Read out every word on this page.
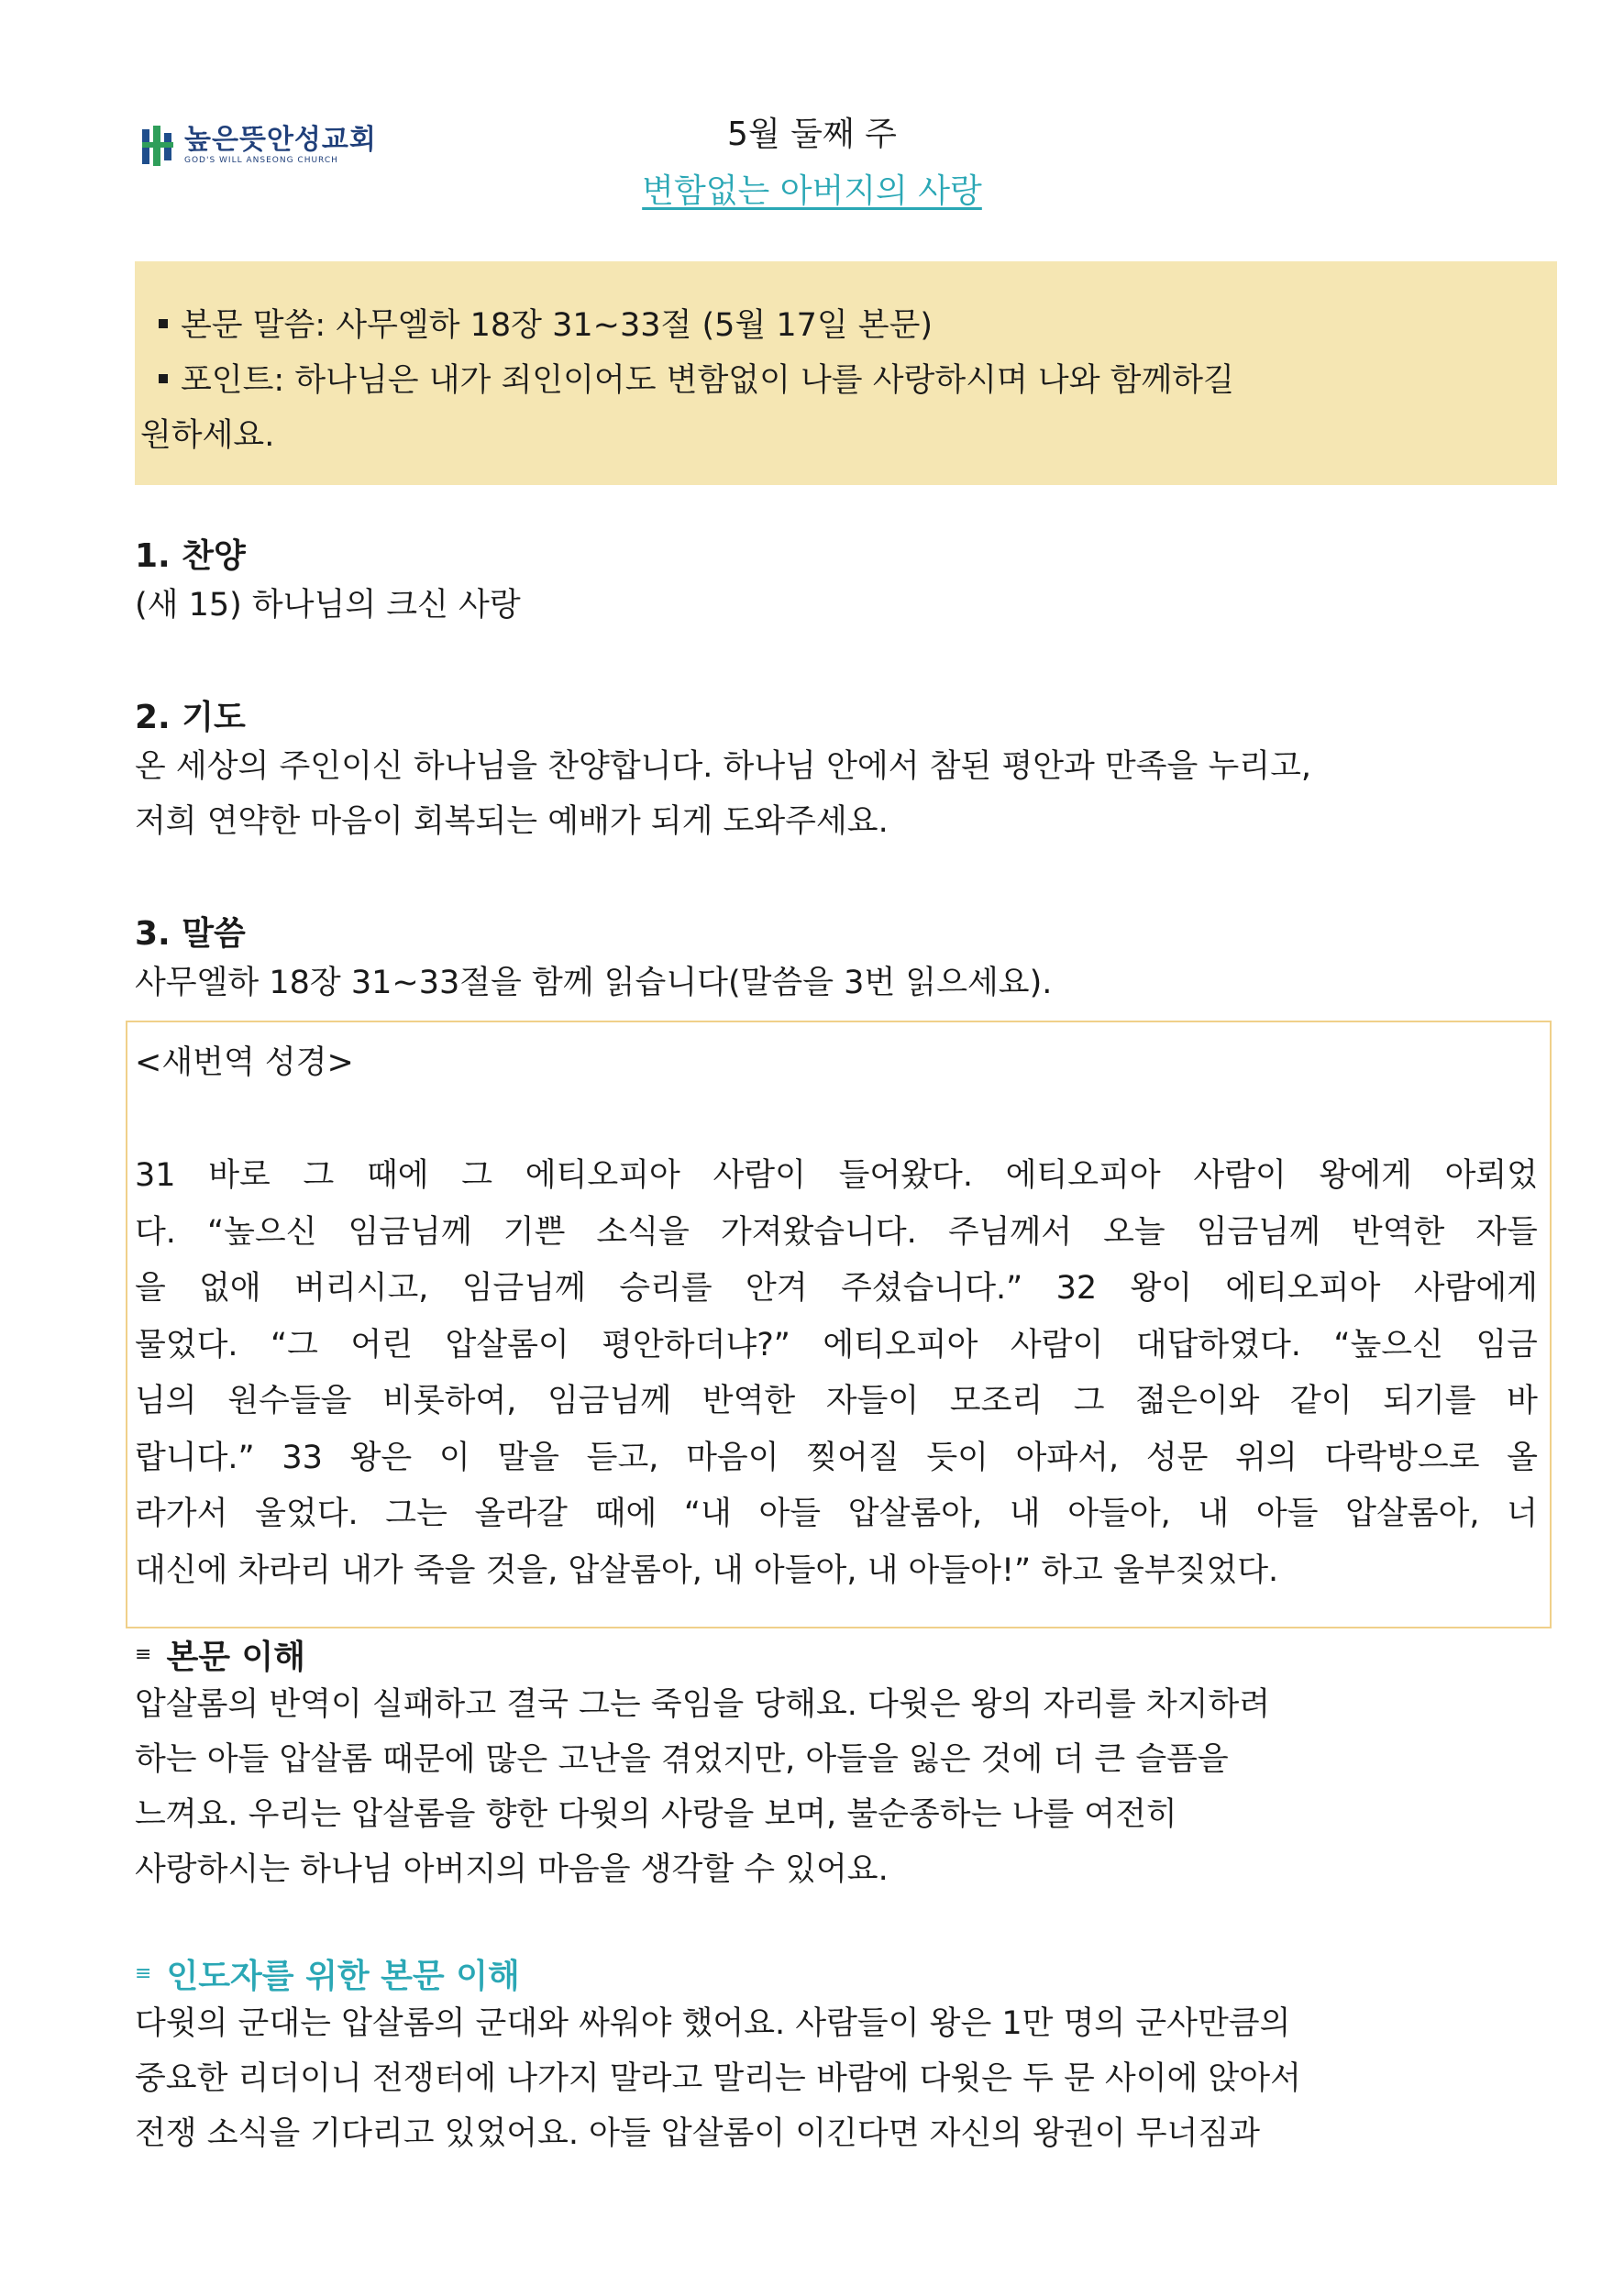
높은뜻안성교회
GOD'S WILL ANSEONG CHURCH
5월 둘째 주
변함없는 아버지의 사랑
본문 말씀: 사무엘하 18장 31~33절 (5월 17일 본문)
포인트: 하나님은 내가 죄인이어도 변함없이 나를 사랑하시며 나와 함께하길
원하세요.
1. 찬양
(새 15) 하나님의 크신 사랑
2. 기도
온 세상의 주인이신 하나님을 찬양합니다. 하나님 안에서 참된 평안과 만족을 누리고,
저희 연약한 마음이 회복되는 예배가 되게 도와주세요.
3. 말씀
사무엘하 18장 31~33절을 함께 읽습니다(말씀을 3번 읽으세요).
<새번역 성경>

31 바로 그 때에 그 에티오피아 사람이 들어왔다. 에티오피아 사람이 왕에게 아뢰었
다. “높으신 임금님께 기쁜 소식을 가져왔습니다. 주님께서 오늘 임금님께 반역한 자들
을 없애 버리시고, 임금님께 승리를 안겨 주셨습니다.” 32 왕이 에티오피아 사람에게
물었다. “그 어린 압살롬이 평안하더냐?” 에티오피아 사람이 대답하였다. “높으신 임금
님의 원수들을 비롯하여, 임금님께 반역한 자들이 모조리 그 젊은이와 같이 되기를 바
랍니다.” 33 왕은 이 말을 듣고, 마음이 찢어질 듯이 아파서, 성문 위의 다락방으로 올
라가서 울었다. 그는 올라갈 때에 “내 아들 압살롬아, 내 아들아, 내 아들 압살롬아, 너
대신에 차라리 내가 죽을 것을, 압살롬아, 내 아들아, 내 아들아!” 하고 울부짖었다.
≡ 본문 이해
압살롬의 반역이 실패하고 결국 그는 죽임을 당해요. 다윗은 왕의 자리를 차지하려
하는 아들 압살롬 때문에 많은 고난을 겪었지만, 아들을 잃은 것에 더 큰 슬픔을
느껴요. 우리는 압살롬을 향한 다윗의 사랑을 보며, 불순종하는 나를 여전히
사랑하시는 하나님 아버지의 마음을 생각할 수 있어요.
≡ 인도자를 위한 본문 이해
다윗의 군대는 압살롬의 군대와 싸워야 했어요. 사람들이 왕은 1만 명의 군사만큼의
중요한 리더이니 전쟁터에 나가지 말라고 말리는 바람에 다윗은 두 문 사이에 앉아서
전쟁 소식을 기다리고 있었어요. 아들 압살롬이 이긴다면 자신의 왕권이 무너짐과
